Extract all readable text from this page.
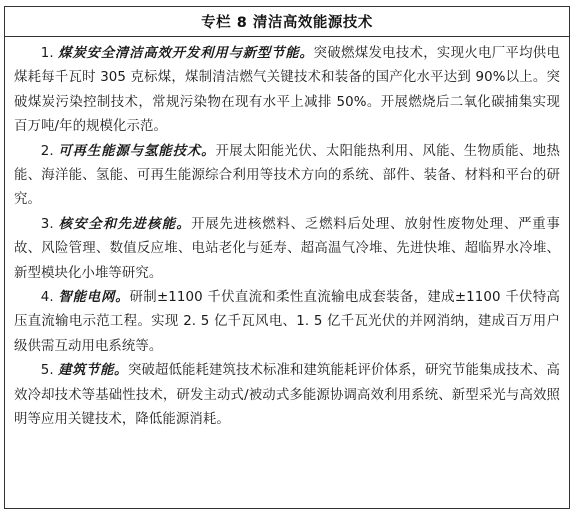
专栏 8 清洁高效能源技术

1. 煤炭安全清洁高效开发利用与新型节能。突破燃煤发电技术，实现火电厂平均供电煤耗每千瓦时 305 克标煤，煤制清洁燃气关键技术和装备的国产化水平达到 90%以上。突破煤炭污染控制技术，常规污染物在现有水平上减排 50%。开展燃烧后二氧化碳捕集实现百万吨/年的规模化示范。

2. 可再生能源与氢能技术。开展太阳能光伏、太阳能热利用、风能、生物质能、地热能、海洋能、氢能、可再生能源综合利用等技术方向的系统、部件、装备、材料和平台的研究。

3. 核安全和先进核能。开展先进核燃料、乏燃料后处理、放射性废物处理、严重事故、风险管理、数值反应堆、电站老化与延寿、超高温气冷堆、先进快堆、超临界水冷堆、新型模块化小堆等研究。

4. 智能电网。研制±1100 千伏直流和柔性直流输电成套装备，建成±1100 千伏特高压直流输电示范工程。实现 2. 5 亿千瓦风电、1. 5 亿千瓦光伏的并网消纳，建成百万用户级供需互动用电系统等。

5. 建筑节能。突破超低能耗建筑技术标准和建筑能耗评价体系，研究节能集成技术、高效冷却技术等基础性技术，研发主动式/被动式多能源协调高效利用系统、新型采光与高效照明等应用关键技术，降低能源消耗。
